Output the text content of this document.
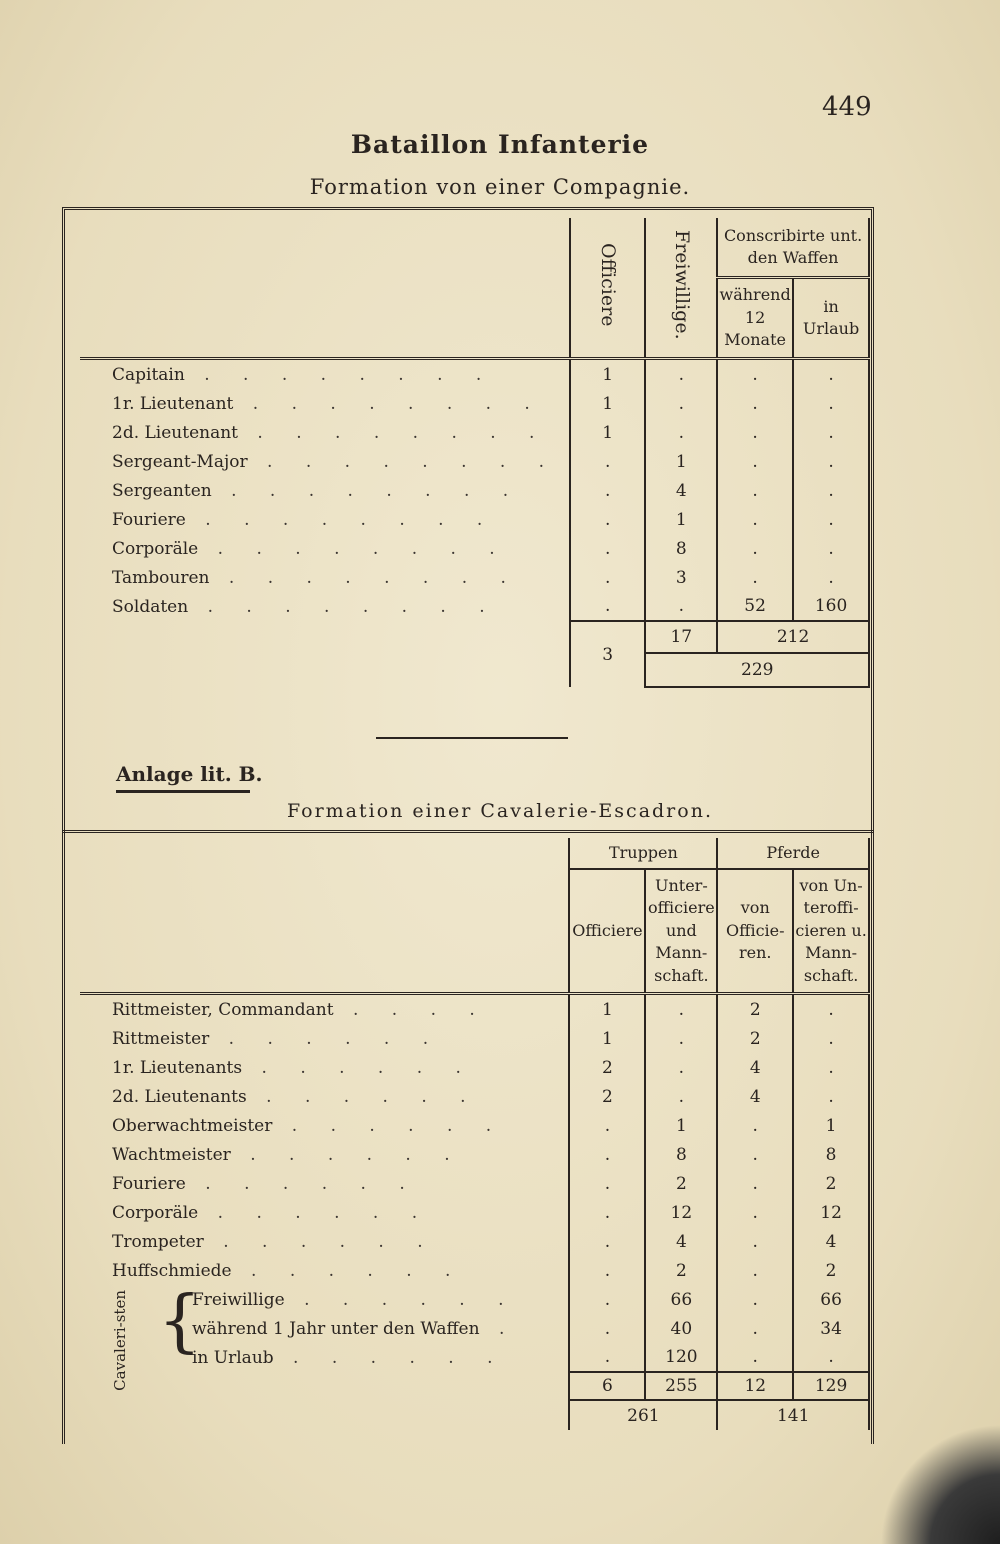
449
Bataillon Infanterie
Formation von einer Compagnie.
	Officiere	Freiwillige.	Conscribirte unt. den Waffen	
			während 12 Monate	in Urlaub
Capitain . . . . . . . .	1	.	.	.
1r. Lieutenant . . . . . . . .	1	.	.	.
2d. Lieutenant . . . . . . . .	1	.	.	.
Sergeant-Major . . . . . . . .	.	1	.	.
Sergeanten . . . . . . . .	.	4	.	.
Fouriere . . . . . . . .	.	1	.	.
Corporäle . . . . . . . .	.	8	.	.
Tambouren . . . . . . . .	.	3	.	.
Soldaten . . . . . . . .	.	.	52	160
	3	17	212	
		229		
Anlage lit. B.
Formation einer Cavalerie-Escadron.
	Truppen		Pferde	
	Officiere	Unter-officiere und Mann-schaft.	von Officie-ren.	von Un-teroffi-cieren u. Mann-schaft.
Rittmeister, Commandant . . . .	1	.	2	.
Rittmeister . . . . . .	1	.	2	.
1r. Lieutenants . . . . . .	2	.	4	.
2d. Lieutenants . . . . . .	2	.	4	.
Oberwachtmeister . . . . . .	.	1	.	1
Wachtmeister . . . . . .	.	8	.	8
Fouriere . . . . . .	.	2	.	2
Corporäle . . . . . .	.	12	.	12
Trompeter . . . . . .	.	4	.	4
Huffschmiede . . . . . .	.	2	.	2
Freiwillige . . . . . .	.	66	.	66
während 1 Jahr unter den Waffen .	.	40	.	34
in Urlaub . . . . . .	.	120	.	.
	6	255	12	129
	261		141	
Cavaleri-sten {
